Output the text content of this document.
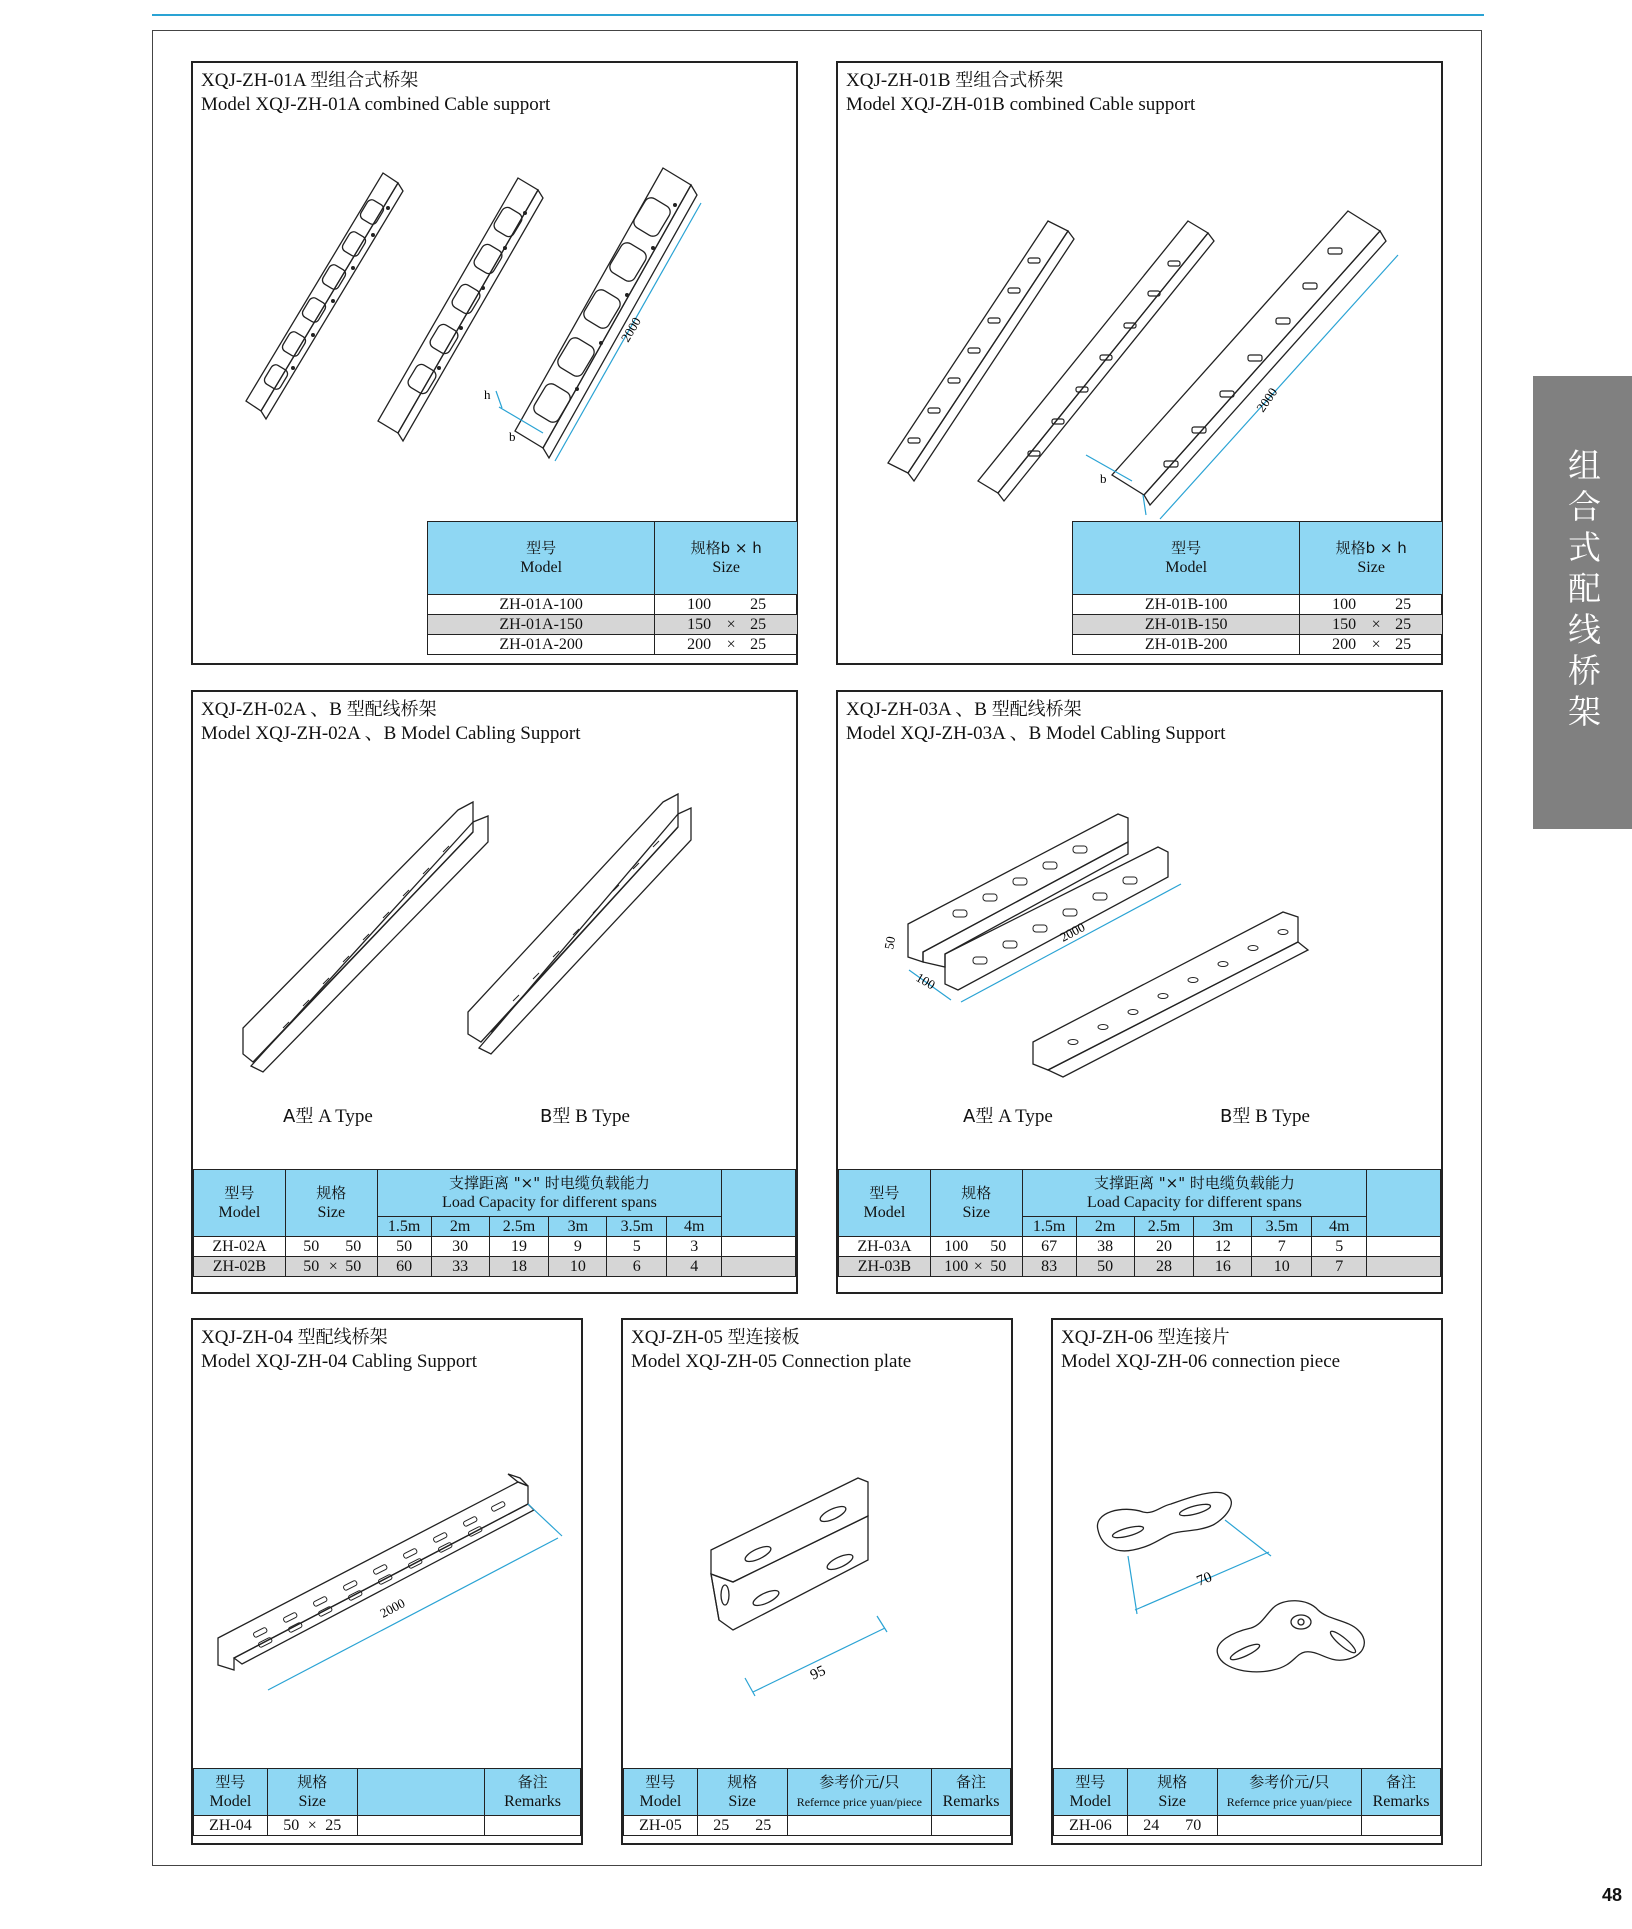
组合式配线桥架
48
XQJ-ZH-01A 型组合式桥架
Model XQJ-ZH-01A combined Cable support
2000
b
h
型号
Model	规格b × h
Size
ZH-01A-100	100 25
ZH-01A-150	150 × 25
ZH-01A-200	200 × 25
XQJ-ZH-01B 型组合式桥架
Model XQJ-ZH-01B combined Cable support
2000
b
型号
Model	规格b × h
Size
ZH-01B-100	100 25
ZH-01B-150	150 × 25
ZH-01B-200	200 × 25
XQJ-ZH-02A 、B 型配线桥架
Model XQJ-ZH-02A 、B Model Cabling Support
A型 A Type	B型 B Type
型号
Model	规格
Size	支撑距离 "×" 时电缆负载能力
Load Capacity for different spans						
		1.5m	2m	2.5m	3m	3.5m	4m	
ZH-02A	50 50	50	30	19	9	5	3	
ZH-02B	50 × 50	60	33	18	10	6	4	
XQJ-ZH-03A 、B 型配线桥架
Model XQJ-ZH-03A 、B Model Cabling Support
2000
50
100
A型 A Type	B型 B Type
型号
Model	规格
Size	支撑距离 "×" 时电缆负载能力
Load Capacity for different spans						
		1.5m	2m	2.5m	3m	3.5m	4m	
ZH-03A	100 50	67	38	20	12	7	5	
ZH-03B	100 × 50	83	50	28	16	10	7	
XQJ-ZH-04 型配线桥架
Model XQJ-ZH-04 Cabling Support
2000
型号
Model	规格
Size		备注
Remarks
ZH-04	50 × 25		
XQJ-ZH-05 型连接板
Model XQJ-ZH-05 Connection plate
95
型号
Model	规格
Size	参考价元/只
Refernce price yuan/piece	备注
Remarks
ZH-05	25 25		
XQJ-ZH-06 型连接片
Model XQJ-ZH-06 connection piece
70
型号
Model	规格
Size	参考价元/只
Refernce price yuan/piece	备注
Remarks
ZH-06	24 70		
